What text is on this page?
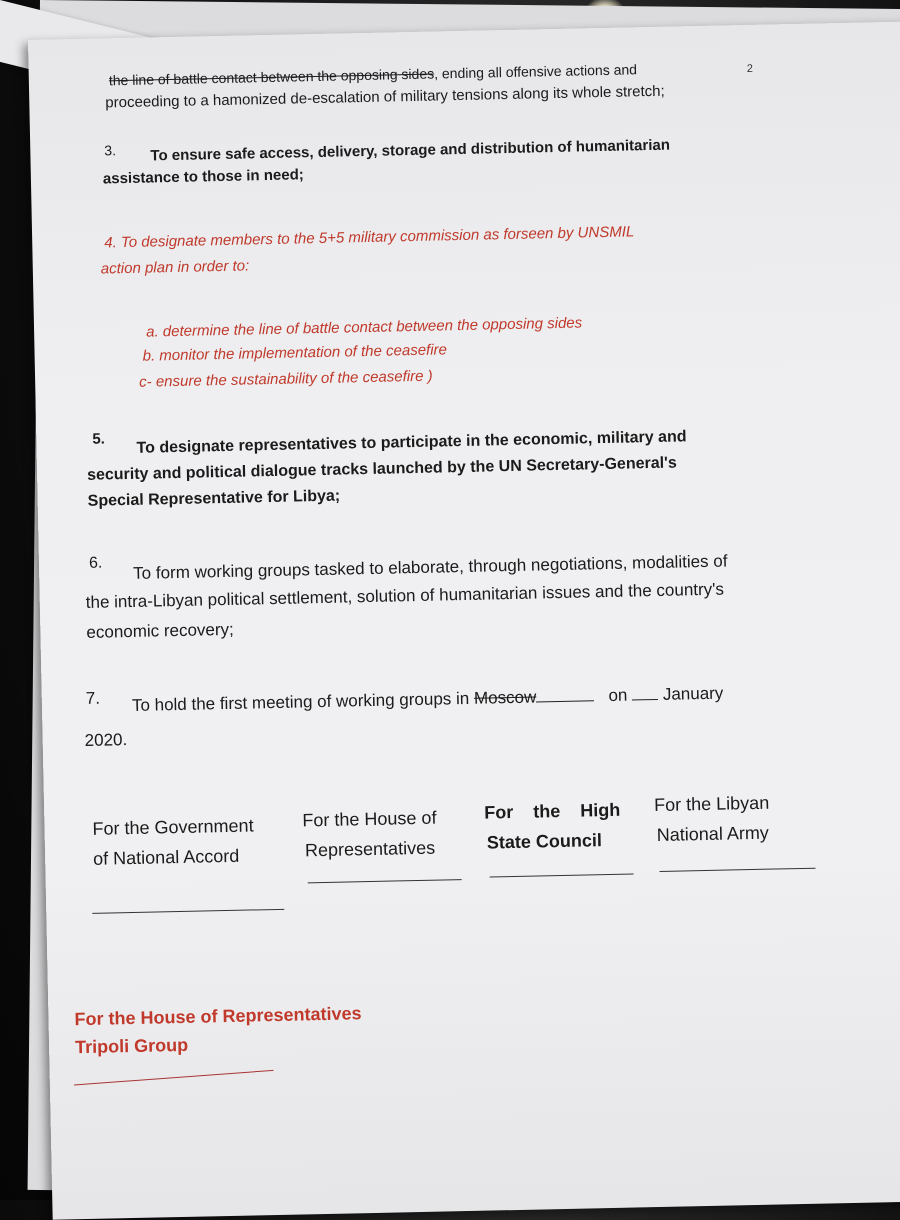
2
the line of battle contact between the opposing sides, ending all offensive actions and
proceeding to a hamonized de-escalation of military tensions along its whole stretch;
3. To ensure safe access, delivery, storage and distribution of humanitarian
assistance to those in need;
4. To designate members to the 5+5 military commission as forseen by UNSMIL
action plan in order to:
a. determine the line of battle contact between the opposing sides
b. monitor the implementation of the ceasefire
c- ensure the sustainability of the ceasefire )
5. To designate representatives to participate in the economic, military and
security and political dialogue tracks launched by the UN Secretary-General's
Special Representative for Libya;
6. To form working groups tasked to elaborate, through negotiations, modalities of
the intra-Libyan political settlement, solution of humanitarian issues and the country's
economic recovery;
7. To hold the first meeting of working groups in Moscow	on January
2020.
For the Government
of National Accord
For the House of
Representatives
For the High
State Council
For the Libyan
National Army
For the House of Representatives
Tripoli Group
